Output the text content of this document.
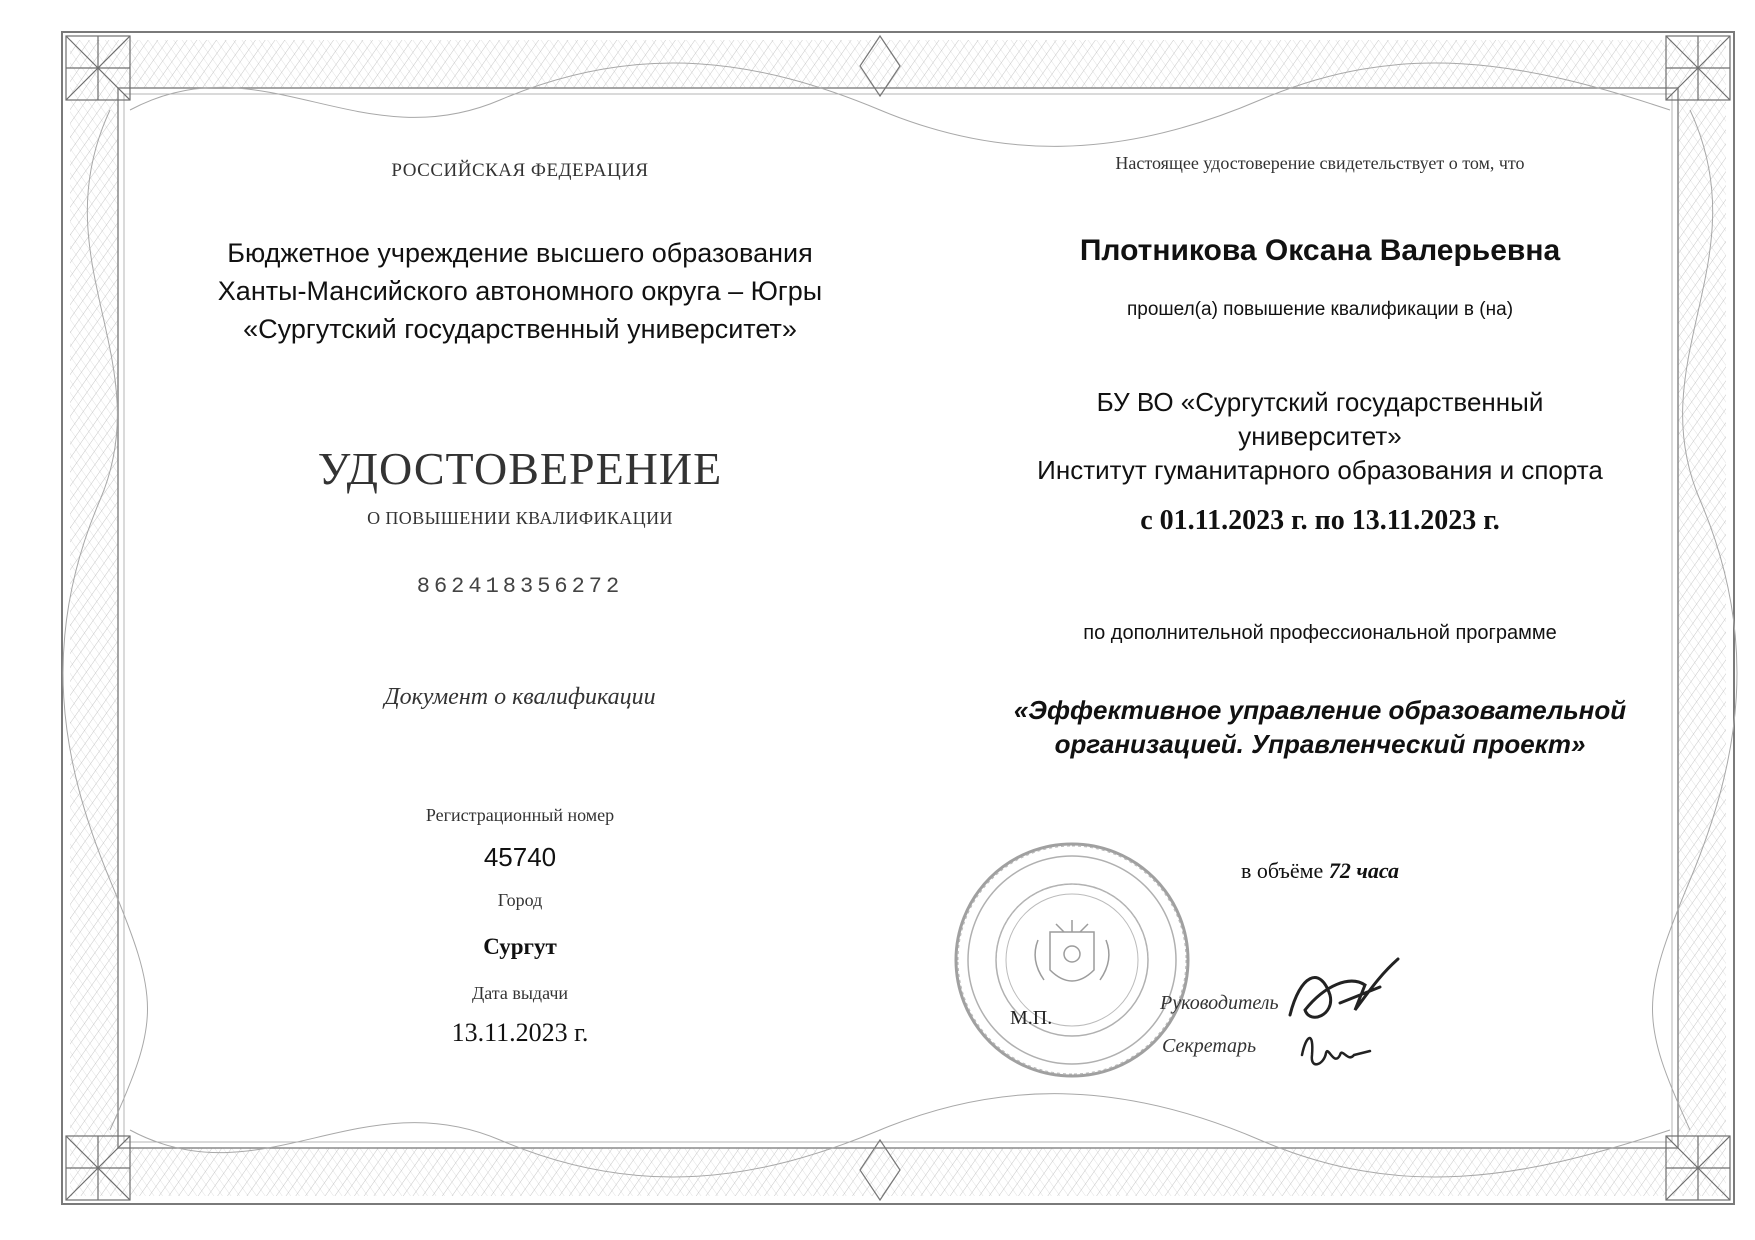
РОССИЙСКАЯ ФЕДЕРАЦИЯ
Бюджетное учреждение высшего образования
Ханты-Мансийского автономного округа – Югры
«Сургутский государственный университет»
УДОСТОВЕРЕНИЕ
О ПОВЫШЕНИИ КВАЛИФИКАЦИИ
862418356272
Документ о квалификации
Регистрационный номер
45740
Город
Сургут
Дата выдачи
13.11.2023 г.
Настоящее удостоверение свидетельствует о том, что
Плотникова Оксана Валерьевна
прошел(а) повышение квалификации в (на)
БУ ВО «Сургутский государственный
университет»
Институт гуманитарного образования и спорта
с 01.11.2023 г. по 13.11.2023 г.
по дополнительной профессиональной программе
«Эффективное управление образовательной
организацией. Управленческий проект»
в объёме 72 часа
М.П.
Руководитель
Секретарь
